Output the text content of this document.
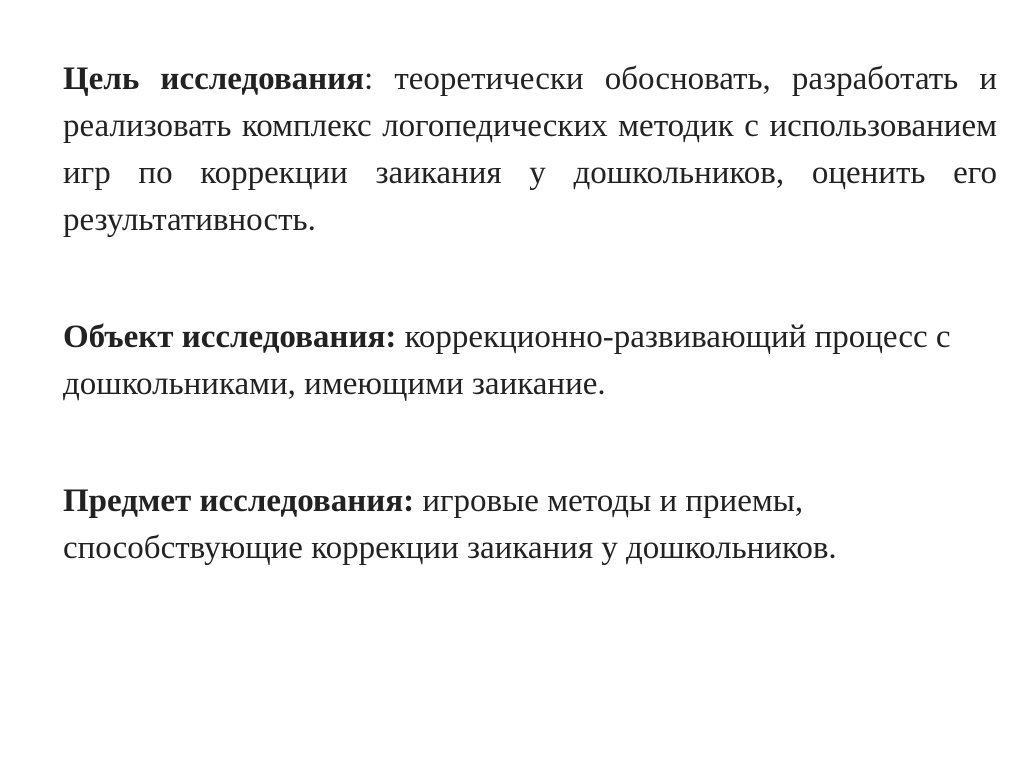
Цель исследования: теоретически обосновать, разработать и реализовать комплекс логопедических методик с использованием игр по коррекции заикания у дошкольников, оценить его результативность.

Объект исследования: коррекционно-развивающий процесс с дошкольниками, имеющими заикание.

Предмет исследования: игровые методы и приемы, способствующие коррекции заикания у дошкольников.
